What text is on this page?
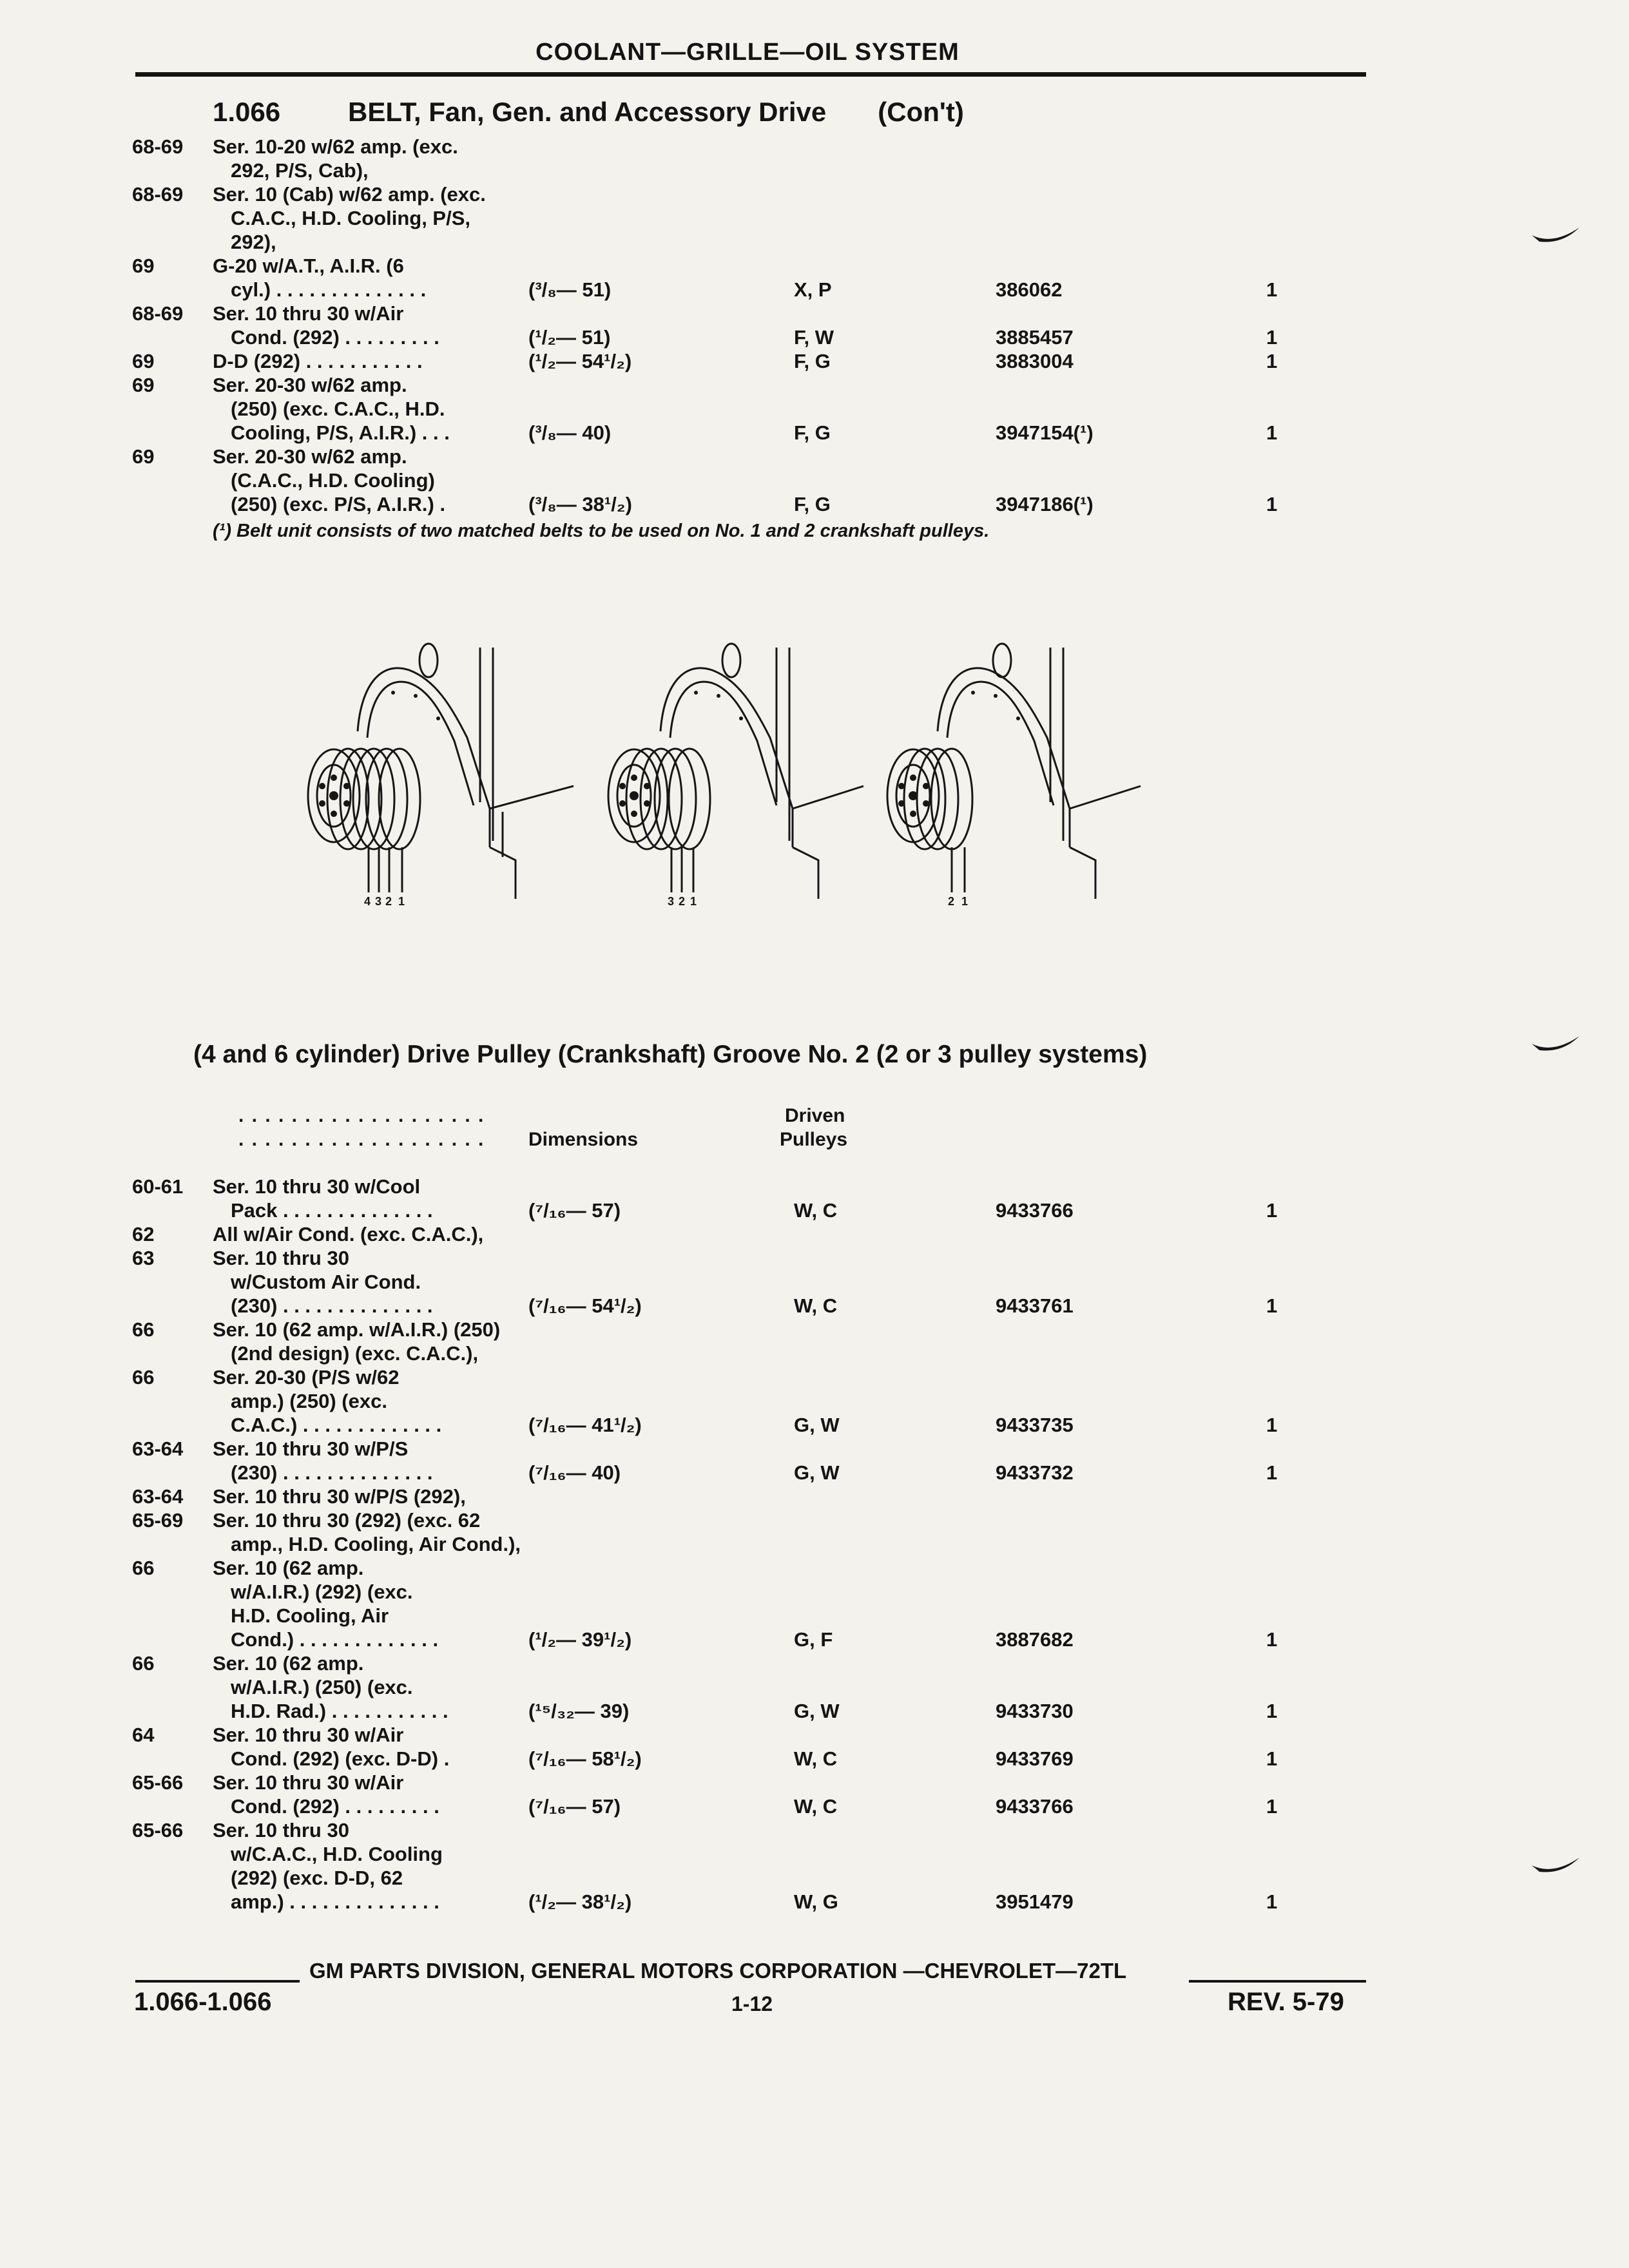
COOLANT—GRILLE—OIL SYSTEM
1.066 BELT, Fan, Gen. and Accessory Drive (Con't)
68-69 Ser. 10-20 w/62 amp. (exc.
292, P/S, Cab),
68-69 Ser. 10 (Cab) w/62 amp. (exc.
C.A.C., H.D. Cooling, P/S,
292),
69	G-20 w/A.T., A.I.R. (6
cyl.) . . . . . . . . . . . . . .	(³/₈— 51)	X, P	386062	1
68-69 Ser. 10 thru 30 w/Air
Cond. (292) . . . . . . . . .	(¹/₂— 51)	F, W	3885457	1
69	D-D (292) . . . . . . . . . . .	(¹/₂— 54¹/₂)	F, G	3883004	1
69	Ser. 20-30 w/62 amp.
(250) (exc. C.A.C., H.D.
Cooling, P/S, A.I.R.) . . .	(³/₈— 40)	F, G	3947154(¹)	1
69	Ser. 20-30 w/62 amp.
(C.A.C., H.D. Cooling)
(250) (exc. P/S, A.I.R.) .	(³/₈— 38¹/₂)	F, G	3947186(¹)	1
(¹) Belt unit consists of two matched belts to be used on No. 1 and 2 crankshaft pulleys.
4 3 2 1	3 2 1	2 1
(4 and 6 cylinder) Drive Pulley (Crankshaft) Groove No. 2 (2 or 3 pulley systems)
. . . . . . . . . . . . . . . . . . .
. . . . . . . . . . . . . . . . . . . Dimensions
Driven
Pulleys
60-61 Ser. 10 thru 30 w/Cool
Pack . . . . . . . . . . . . . .	(⁷/₁₆— 57)	W, C	9433766	1
62	All w/Air Cond. (exc. C.A.C.),
63	Ser. 10 thru 30
w/Custom Air Cond.
(230) . . . . . . . . . . . . . .	(⁷/₁₆— 54¹/₂)	W, C	9433761	1
66	Ser. 10 (62 amp. w/A.I.R.) (250)
(2nd design) (exc. C.A.C.),
66	Ser. 20-30 (P/S w/62
amp.) (250) (exc.
C.A.C.) . . . . . . . . . . . . .	(⁷/₁₆— 41¹/₂)	G, W	9433735	1
63-64 Ser. 10 thru 30 w/P/S
(230) . . . . . . . . . . . . . .	(⁷/₁₆— 40)	G, W	9433732	1
63-64 Ser. 10 thru 30 w/P/S (292),
65-69 Ser. 10 thru 30 (292) (exc. 62
amp., H.D. Cooling, Air Cond.),
66	Ser. 10 (62 amp.
w/A.I.R.) (292) (exc.
H.D. Cooling, Air
Cond.) . . . . . . . . . . . . .	(¹/₂— 39¹/₂)	G, F	3887682	1
66	Ser. 10 (62 amp.
w/A.I.R.) (250) (exc.
H.D. Rad.) . . . . . . . . . . .	(¹⁵/₃₂— 39)	G, W	9433730	1
64	Ser. 10 thru 30 w/Air
Cond. (292) (exc. D-D) .	(⁷/₁₆— 58¹/₂)	W, C	9433769	1
65-66 Ser. 10 thru 30 w/Air
Cond. (292) . . . . . . . . .	(⁷/₁₆— 57)	W, C	9433766	1
65-66 Ser. 10 thru 30
w/C.A.C., H.D. Cooling
(292) (exc. D-D, 62
amp.) . . . . . . . . . . . . . .	(¹/₂— 38¹/₂)	W, G	3951479	1
GM PARTS DIVISION, GENERAL MOTORS CORPORATION —CHEVROLET—72TL
1.066-1.066	1-12	REV. 5-79
